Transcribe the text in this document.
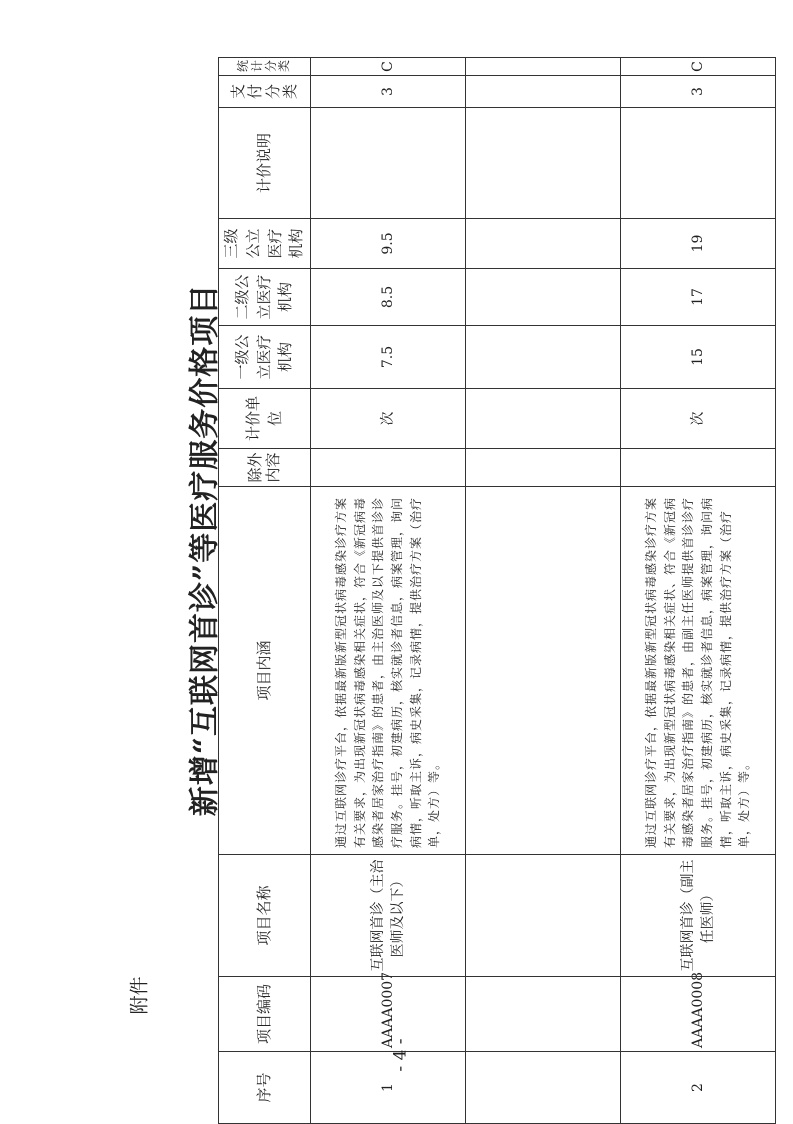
附件
新增“互联网首诊”等医疗服务价格项目
序号	项目编码	项目名称	项目内涵	除外内容	计价单位	一级公立医疗机构	二级公立医疗机构	三级公立医疗机构	计价说明	支付分类	统计分类
1	AAAA0007	互联网首诊（主治医师及以下）	通过互联网诊疗平台，依据最新版新型冠状病毒感染诊疗方案有关要求，为出现新冠状病毒感染相关症状，符合《新冠病毒感染者居家治疗指南》的患者，由主治医师及以下提供首诊诊疗服务。挂号，初建病历，核实就诊者信息，病案管理，询问病情，听取主诉，病史采集，记录病情，提供治疗方案（治疗单，处方）等。		次	7.5	8.5	9.5		3	C

2	AAAA0008	互联网首诊（副主任医师）	通过互联网诊疗平台，依据最新版新型冠状病毒感染诊疗方案有关要求，为出现新型冠状病毒感染相关症状、符合《新冠病毒感染者居家治疗指南》的患者，由副主任医师提供首诊诊疗服务。挂号，初建病历，核实就诊者信息，病案管理，询问病情，听取主诉，病史采集，记录病情，提供治疗方案（治疗单，处方）等。		次	15	17	19		3	C
- 4 -
